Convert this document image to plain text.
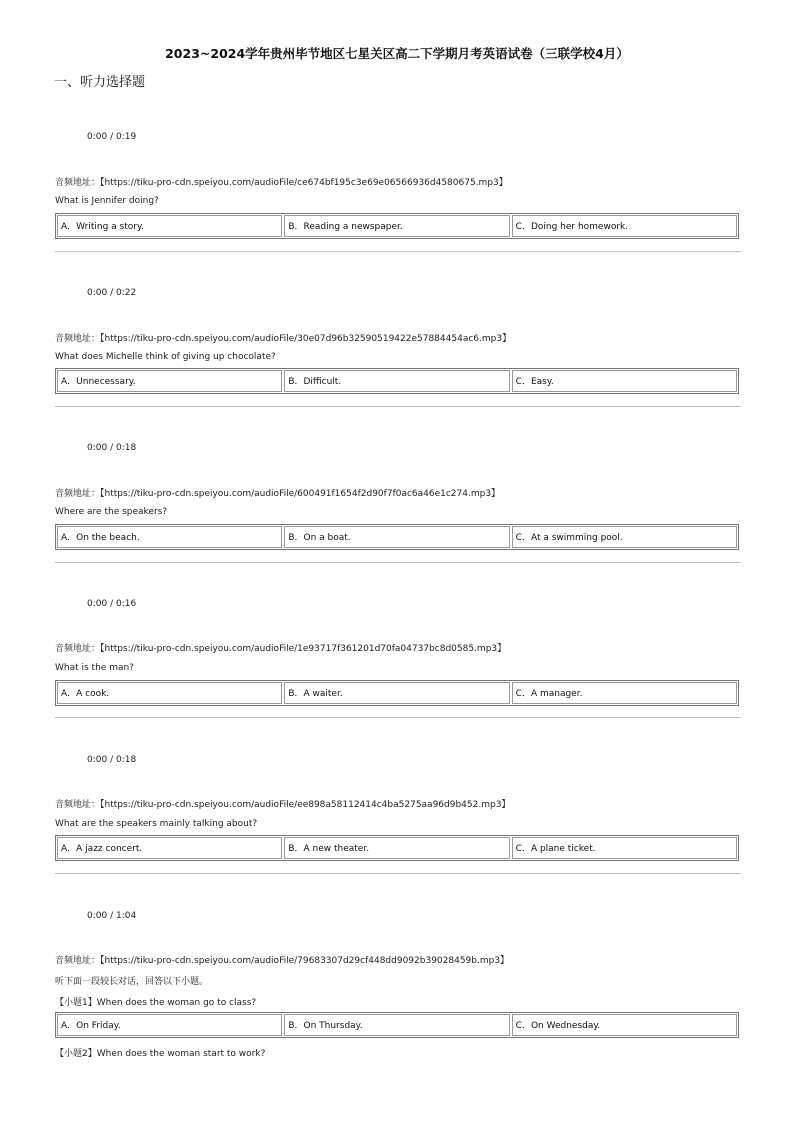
2023~2024学年贵州毕节地区七星关区高二下学期月考英语试卷（三联学校4月）
一、听力选择题
0:00 / 0:19
音频地址：【https://tiku-pro-cdn.speiyou.com/audioFile/ce674bf195c3e69e06566936d4580675.mp3】
What is Jennifer doing?
A．Writing a story.	B．Reading a newspaper.	C．Doing her homework.
0:00 / 0:22
音频地址：【https://tiku-pro-cdn.speiyou.com/audioFile/30e07d96b32590519422e57884454ac6.mp3】
What does Michelle think of giving up chocolate?
A．Unnecessary.	B．Difficult.	C．Easy.
0:00 / 0:18
音频地址：【https://tiku-pro-cdn.speiyou.com/audioFile/600491f1654f2d90f7f0ac6a46e1c274.mp3】
Where are the speakers?
A．On the beach.	B．On a boat.	C．At a swimming pool.
0:00 / 0:16
音频地址：【https://tiku-pro-cdn.speiyou.com/audioFile/1e93717f361201d70fa04737bc8d0585.mp3】
What is the man?
A．A cook.	B．A waiter.	C．A manager.
0:00 / 0:18
音频地址：【https://tiku-pro-cdn.speiyou.com/audioFile/ee898a58112414c4ba5275aa96d9b452.mp3】
What are the speakers mainly talking about?
A．A jazz concert.	B．A new theater.	C．A plane ticket.
0:00 / 1:04
音频地址：【https://tiku-pro-cdn.speiyou.com/audioFile/79683307d29cf448dd9092b39028459b.mp3】
听下面一段较长对话，回答以下小题。
【小题1】When does the woman go to class?
A．On Friday.	B．On Thursday.	C．On Wednesday.
【小题2】When does the woman start to work?
